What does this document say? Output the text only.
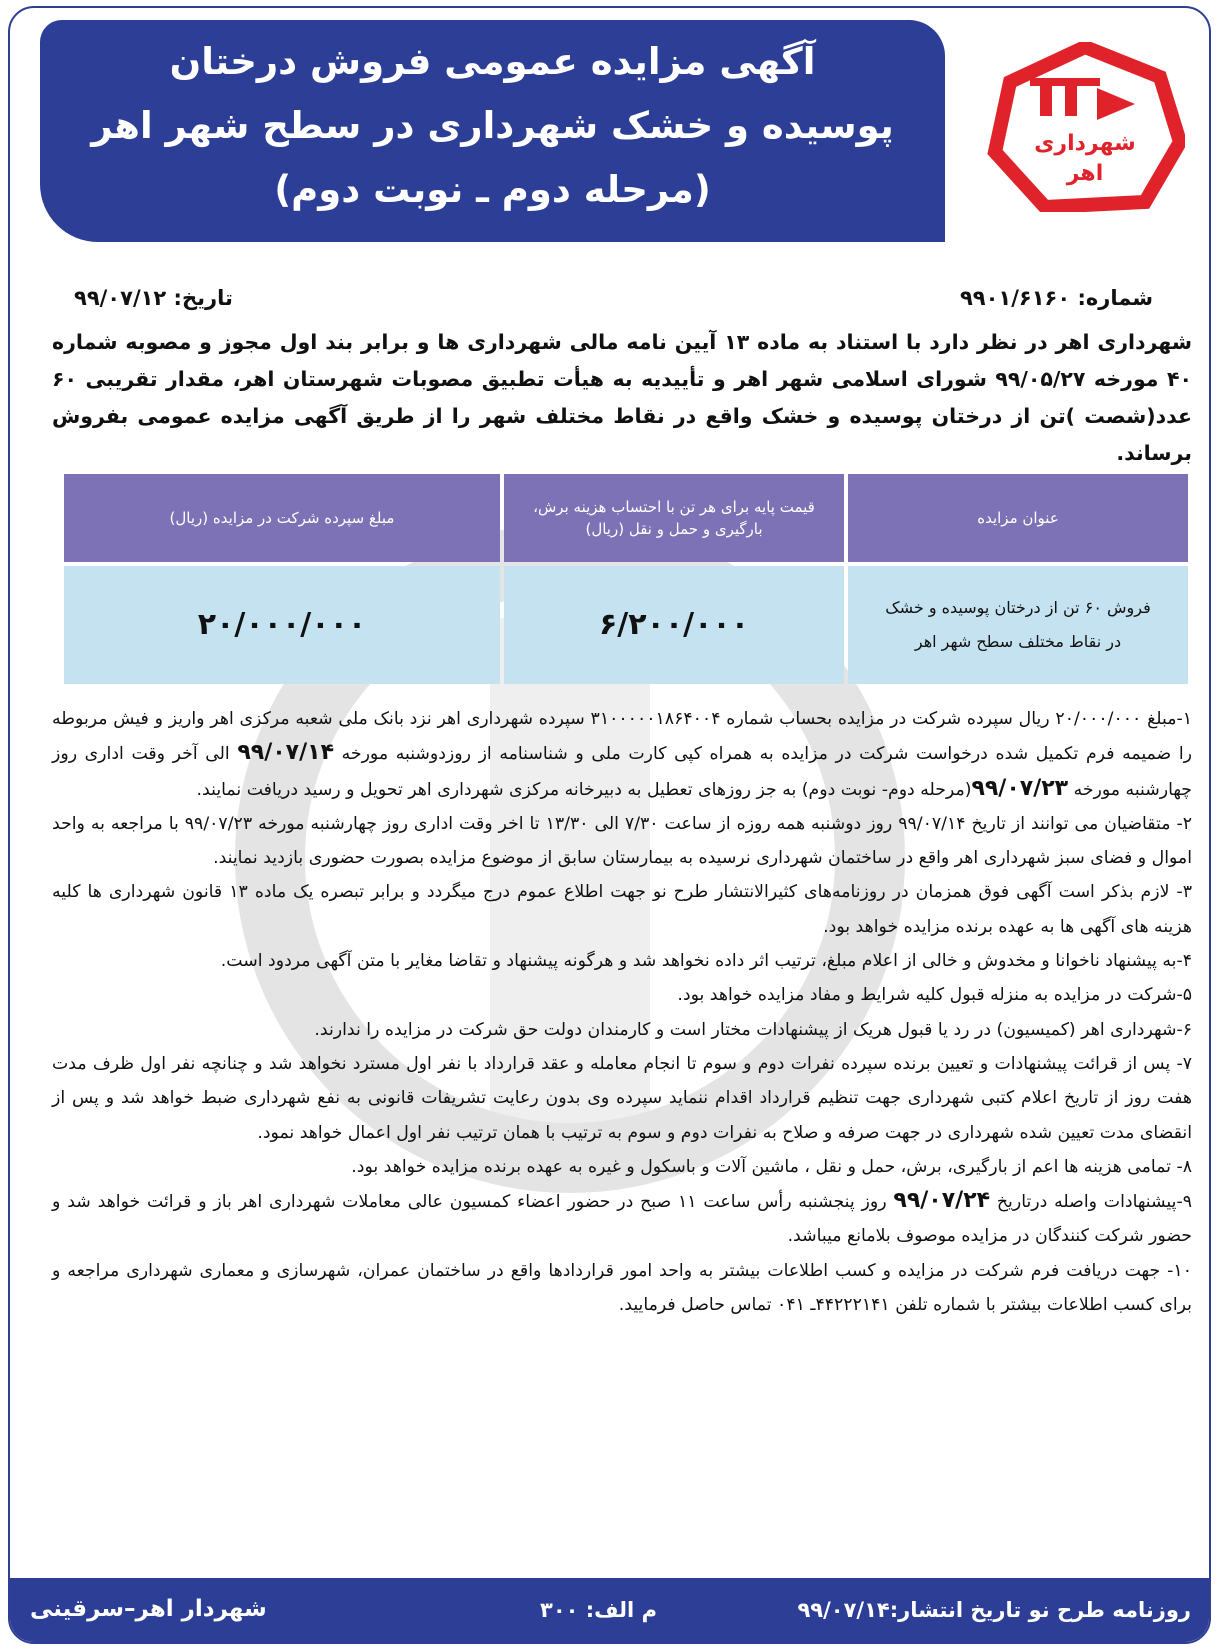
آگهی مزایده عمومی فروش درختان
پوسیده و خشک شهرداری در سطح شهر اهر
(مرحله دوم ـ نوبت دوم)
شهرداری
اهر
شماره: ۹۹۰۱/۶۱۶۰
تاریخ: ۹۹/۰۷/۱۲
شهرداری اهر در نظر دارد با استناد به ماده ۱۳ آیین نامه مالی شهرداری ها و برابر بند اول مجوز و مصوبه شماره ۴۰ مورخه ۹۹/۰۵/۲۷ شورای اسلامی شهر اهر و تأییدیه به هیأت تطبیق مصوبات شهرستان اهر، مقدار تقریبی ۶۰ عدد(شصت )تن از درختان پوسیده و خشک واقع در نقاط مختلف شهر را از طریق آگهی مزایده عمومی بفروش برساند.
عنوان مزایده	قیمت پایه برای هر تن با احتساب هزینه برش،
بارگیری و حمل و نقل (ریال)	مبلغ سپرده شرکت در مزایده (ریال)

فروش ۶۰ تن از درختان پوسیده و خشک
در نقاط مختلف سطح شهر اهر	۶/۲۰۰/۰۰۰	۲۰/۰۰۰/۰۰۰

۱-مبلغ ۲۰/۰۰۰/۰۰۰ ریال سپرده شرکت در مزایده بحساب شماره ۳۱۰۰۰۰۰۱۸۶۴۰۰۴ سپرده شهرداری اهر نزد بانک ملی شعبه مرکزی اهر واریز و فیش مربوطه را ضمیمه فرم تکمیل شده درخواست شرکت در مزایده به همراه کپی کارت ملی و شناسنامه از روزدوشنبه مورخه ۹۹/۰۷/۱۴ الی آخر وقت اداری روز چهارشنبه مورخه ۹۹/۰۷/۲۳(مرحله دوم- نوبت دوم) به جز روزهای تعطیل به دبیرخانه مرکزی شهرداری اهر تحویل و رسید دریافت نمایند.

۲- متقاضیان می توانند از تاریخ ۹۹/۰۷/۱۴ روز دوشنبه همه روزه از ساعت ۷/۳۰ الی ۱۳/۳۰ تا اخر وقت اداری روز چهارشنبه مورخه ۹۹/۰۷/۲۳ با مراجعه به واحد اموال و فضای سبز شهرداری اهر واقع در ساختمان شهرداری نرسیده به بیمارستان سابق از موضوع مزایده بصورت حضوری بازدید نمایند.

۳- لازم بذکر است آگهی فوق همزمان در روزنامه‌های کثیرالانتشار طرح نو جهت اطلاع عموم درج میگردد و برابر تبصره یک ماده ۱۳ قانون شهرداری ها کلیه هزینه های آگهی ها به عهده برنده مزایده خواهد بود.

۴-به پیشنهاد ناخوانا و مخدوش و خالی از اعلام مبلغ، ترتیب اثر داده نخواهد شد و هرگونه پیشنهاد و تقاضا مغایر با متن آگهی مردود است.

۵-شرکت در مزایده به منزله قبول کلیه شرایط و مفاد مزایده خواهد بود.

۶-شهرداری اهر (کمیسیون) در رد یا قبول هریک از پیشنهادات مختار است و کارمندان دولت حق شرکت در مزایده را ندارند.

۷- پس از قرائت پیشنهادات و تعیین برنده سپرده نفرات دوم و سوم تا انجام معامله و عقد قرارداد با نفر اول مسترد نخواهد شد و چنانچه نفر اول ظرف مدت هفت روز از تاریخ اعلام کتبی شهرداری جهت تنظیم قرارداد اقدام ننماید سپرده وی بدون رعایت تشریفات قانونی به نفع شهرداری ضبط خواهد شد و پس از انقضای مدت تعیین شده شهرداری در جهت صرفه و صلاح به نفرات دوم و سوم به ترتیب با همان ترتیب نفر اول اعمال خواهد نمود.

۸- تمامی هزینه ها اعم از بارگیری، برش، حمل و نقل ، ماشین آلات و باسکول و غیره به عهده برنده مزایده خواهد بود.

۹-پیشنهادات واصله درتاریخ ۹۹/۰۷/۲۴ روز پنجشنبه رأس ساعت ۱۱ صبح در حضور اعضاء کمسیون عالی معاملات شهرداری اهر باز و قرائت خواهد شد و حضور شرکت کنندگان در مزایده موصوف بلامانع میباشد.

۱۰- جهت دریافت فرم شرکت در مزایده و کسب اطلاعات بیشتر به واحد امور قراردادها واقع در ساختمان عمران، شهرسازی و معماری شهرداری مراجعه و برای کسب اطلاعات بیشتر با شماره تلفن ۴۴۲۲۲۱۴۱ـ ۰۴۱ تماس حاصل فرمایید.

روزنامه طرح نو تاریخ انتشار:۹۹/۰۷/۱۴
م الف: ۳۰۰
شهردار اهر–سرقینی
